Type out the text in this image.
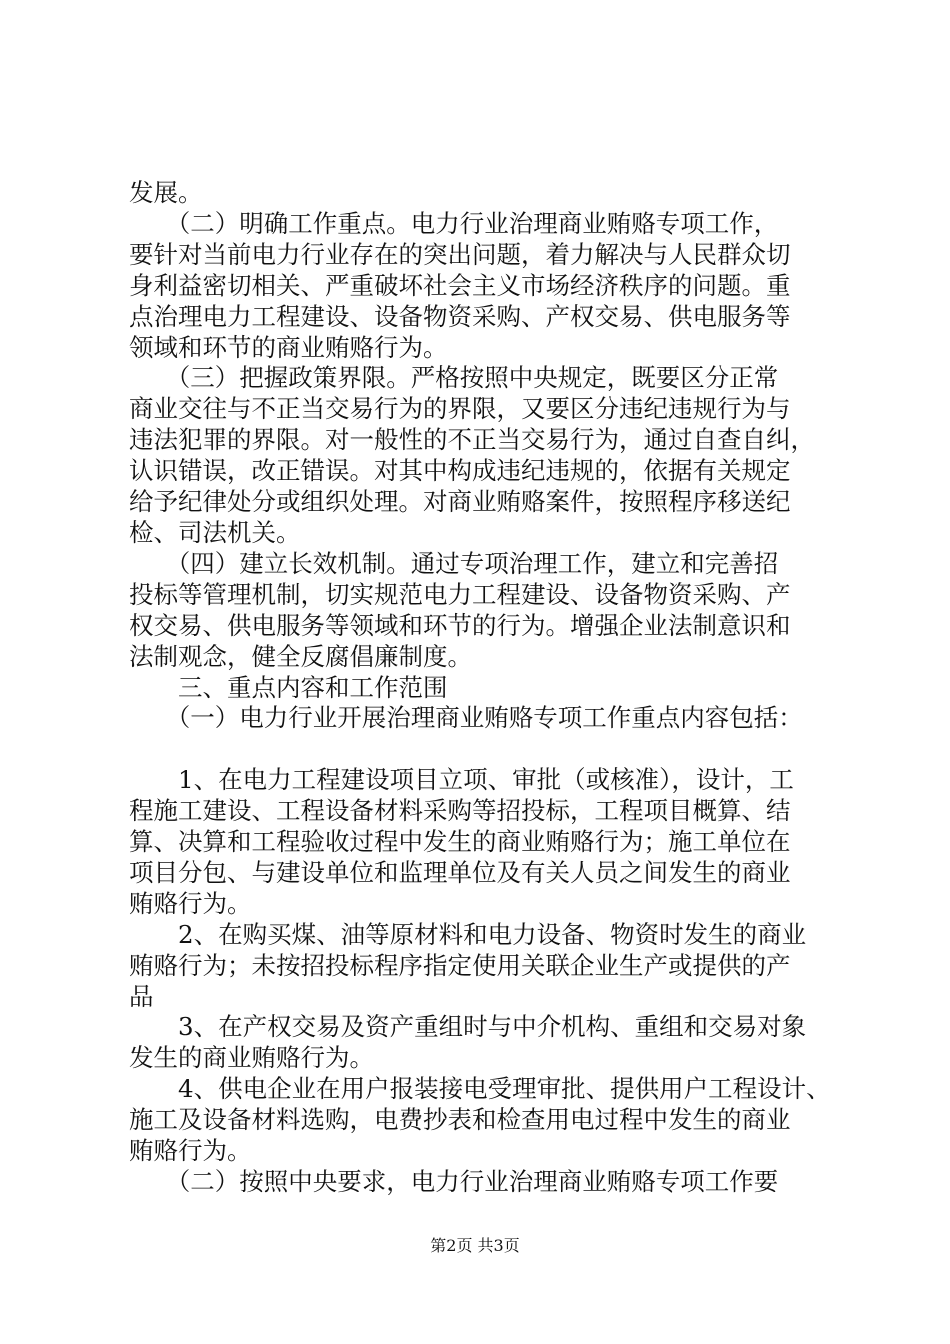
发展。
　　（二）明确工作重点。电力行业治理商业贿赂专项工作，
要针对当前电力行业存在的突出问题，着力解决与人民群众切
身利益密切相关、严重破坏社会主义市场经济秩序的问题。重
点治理电力工程建设、设备物资采购、产权交易、供电服务等
领域和环节的商业贿赂行为。
　　（三）把握政策界限。严格按照中央规定，既要区分正常
商业交往与不正当交易行为的界限，又要区分违纪违规行为与
违法犯罪的界限。对一般性的不正当交易行为，通过自查自纠，
认识错误，改正错误。对其中构成违纪违规的，依据有关规定
给予纪律处分或组织处理。对商业贿赂案件，按照程序移送纪
检、司法机关。
　　（四）建立长效机制。通过专项治理工作，建立和完善招
投标等管理机制，切实规范电力工程建设、设备物资采购、产
权交易、供电服务等领域和环节的行为。增强企业法制意识和
法制观念，健全反腐倡廉制度。
　　三、重点内容和工作范围
　　（一）电力行业开展治理商业贿赂专项工作重点内容包括：
　　1、在电力工程建设项目立项、审批（或核准），设计，工
程施工建设、工程设备材料采购等招投标，工程项目概算、结
算、决算和工程验收过程中发生的商业贿赂行为；施工单位在
项目分包、与建设单位和监理单位及有关人员之间发生的商业
贿赂行为。
　　2、在购买煤、油等原材料和电力设备、物资时发生的商业
贿赂行为；未按招投标程序指定使用关联企业生产或提供的产
品
　　3、在产权交易及资产重组时与中介机构、重组和交易对象
发生的商业贿赂行为。
　　4、供电企业在用户报装接电受理审批、提供用户工程设计、
施工及设备材料选购，电费抄表和检查用电过程中发生的商业
贿赂行为。
　　（二）按照中央要求，电力行业治理商业贿赂专项工作要
第2页 共3页
